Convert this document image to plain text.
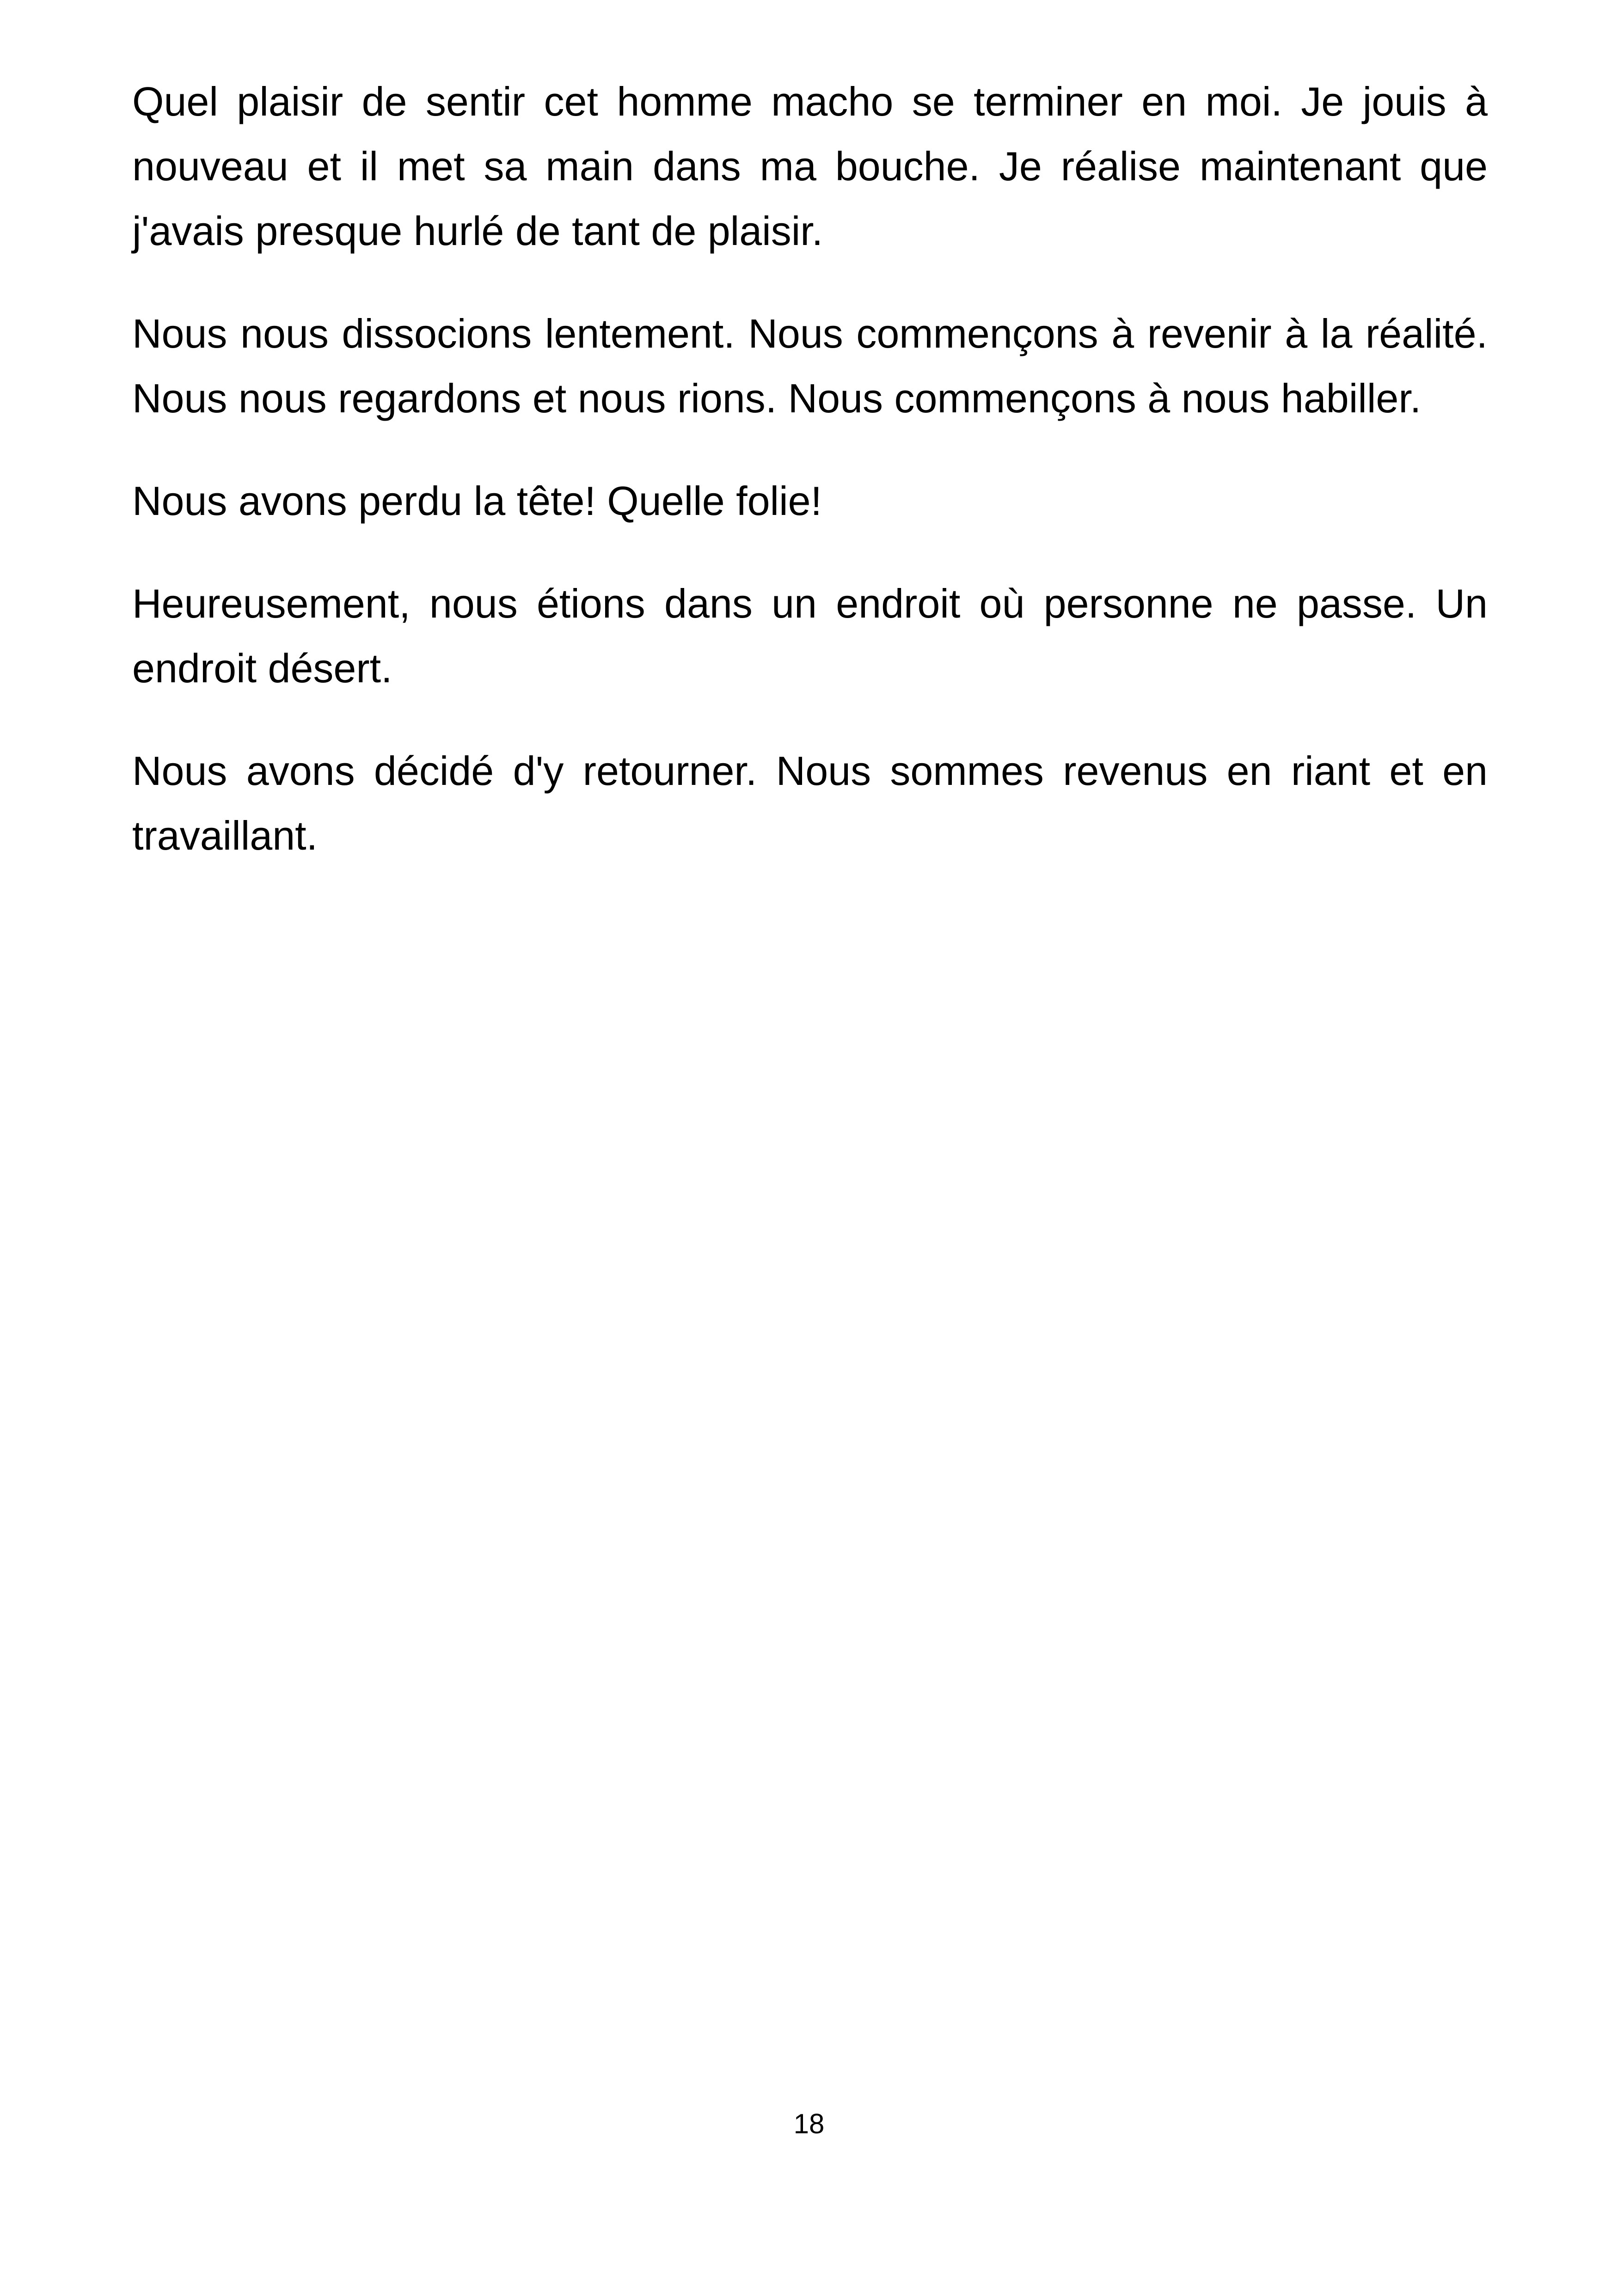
Quel plaisir de sentir cet homme macho se terminer en moi. Je jouis à nouveau et il met sa main dans ma bouche. Je réalise maintenant que j'avais presque hurlé de tant de plaisir.

Nous nous dissocions lentement. Nous commençons à revenir à la réalité. Nous nous regardons et nous rions. Nous commençons à nous habiller.

Nous avons perdu la tête! Quelle folie!

Heureusement, nous étions dans un endroit où personne ne passe. Un endroit désert.

Nous avons décidé d'y retourner. Nous sommes revenus en riant et en travaillant.

18
